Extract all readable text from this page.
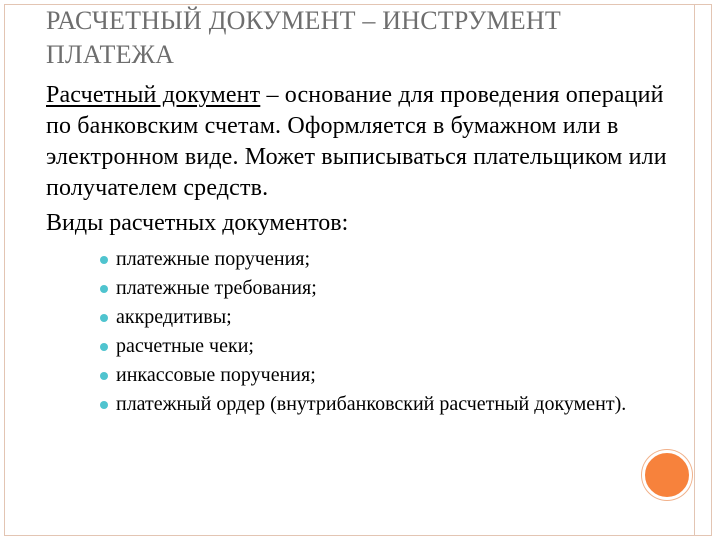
РАСЧЕТНЫЙ ДОКУМЕНТ – ИНСТРУМЕНТ
ПЛАТЕЖА

Расчетный документ – основание для проведения операций по банковским счетам. Оформляется в бумажном или в электронном виде. Может выписываться плательщиком или получателем средств.

Виды расчетных документов:
платежные поручения;
платежные требования;
аккредитивы;
расчетные чеки;
инкассовые поручения;
платежный ордер (внутрибанковский расчетный документ).
